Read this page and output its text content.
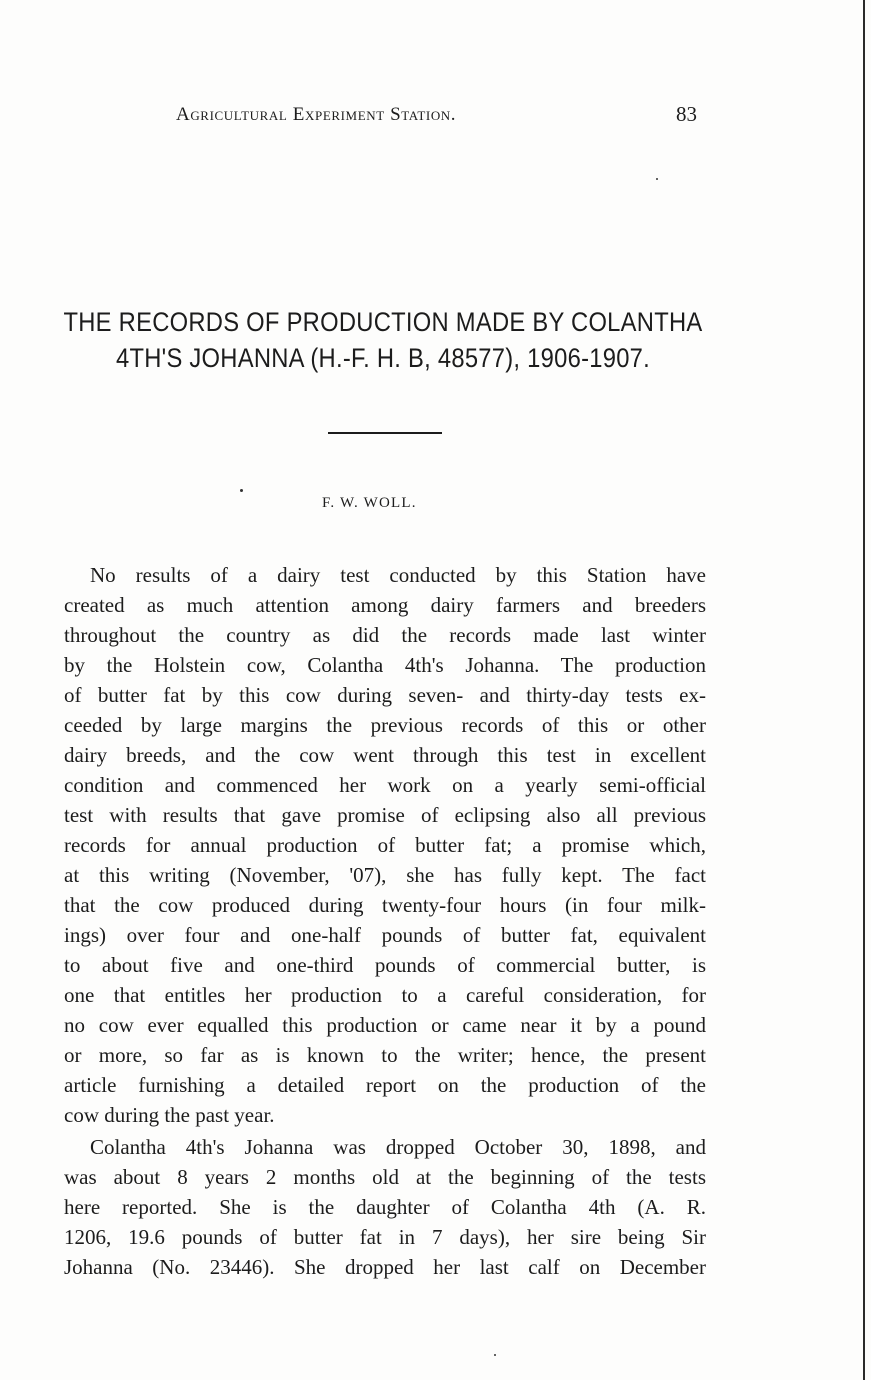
Agricultural Experiment Station.	83
THE RECORDS OF PRODUCTION MADE BY COLANTHA
4TH'S JOHANNA (H.-F. H. B, 48577), 1906-1907.
F. W. WOLL.
No results of a dairy test conducted by this Station have
created as much attention among dairy farmers and breeders
throughout the country as did the records made last winter
by the Holstein cow, Colantha 4th's Johanna. The production
of butter fat by this cow during seven- and thirty-day tests ex-
ceeded by large margins the previous records of this or other
dairy breeds, and the cow went through this test in excellent
condition and commenced her work on a yearly semi-official
test with results that gave promise of eclipsing also all previous
records for annual production of butter fat; a promise which,
at this writing (November, '07), she has fully kept. The fact
that the cow produced during twenty-four hours (in four milk-
ings) over four and one-half pounds of butter fat, equivalent
to about five and one-third pounds of commercial butter, is
one that entitles her production to a careful consideration, for
no cow ever equalled this production or came near it by a pound
or more, so far as is known to the writer; hence, the present
article furnishing a detailed report on the production of the
cow during the past year.
Colantha 4th's Johanna was dropped October 30, 1898, and
was about 8 years 2 months old at the beginning of the tests
here reported. She is the daughter of Colantha 4th (A. R.
1206, 19.6 pounds of butter fat in 7 days), her sire being Sir
Johanna (No. 23446). She dropped her last calf on December
